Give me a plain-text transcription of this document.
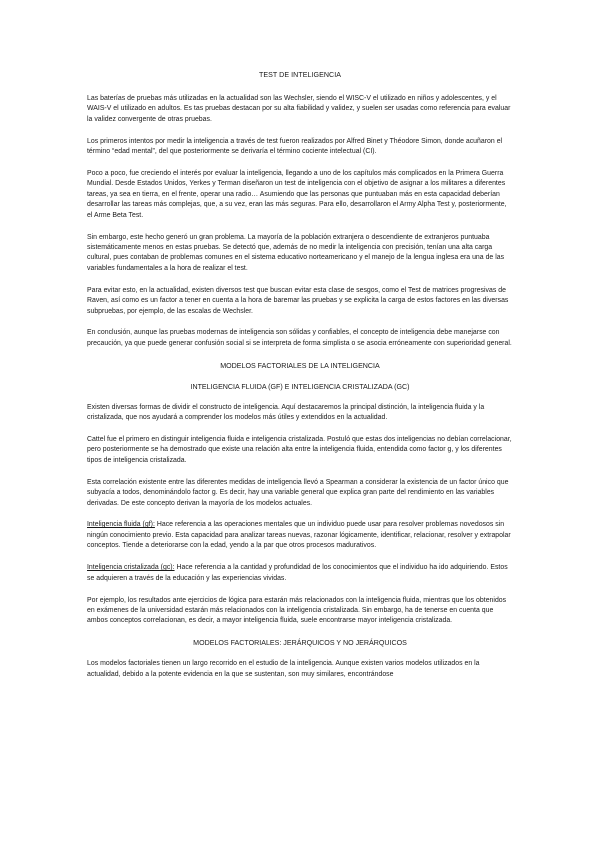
TEST DE INTELIGENCIA

Las baterías de pruebas más utilizadas en la actualidad son las Wechsler, siendo el WISC-V el utilizado en niños y adolescentes, y el WAIS-V el utilizado en adultos. Es tas pruebas destacan por su alta fiabilidad y validez, y suelen ser usadas como referencia para evaluar la validez convergente de otras pruebas.

Los primeros intentos por medir la inteligencia a través de test fueron realizados por Alfred Binet y Théodore Simon, donde acuñaron el término “edad mental”, del que posteriormente se derivaría el término cociente intelectual (CI).

Poco a poco, fue creciendo el interés por evaluar la inteligencia, llegando a uno de los capítulos más complicados en la Primera Guerra Mundial. Desde Estados Unidos, Yerkes y Terman diseñaron un test de inteligencia con el objetivo de asignar a los militares a diferentes tareas, ya sea en tierra, en el frente, operar una radio… Asumiendo que las personas que puntuaban más en esta capacidad deberían desarrollar las tareas más complejas, que, a su vez, eran las más seguras. Para ello, desarrollaron el Army Alpha Test y, posteriormente, el Arme Beta Test.

Sin embargo, este hecho generó un gran problema. La mayoría de la población extranjera o descendiente de extranjeros puntuaba sistemáticamente menos en estas pruebas. Se detectó que, además de no medir la inteligencia con precisión, tenían una alta carga cultural, pues contaban de problemas comunes en el sistema educativo norteamericano y el manejo de la lengua inglesa era una de las variables fundamentales a la hora de realizar el test.

Para evitar esto, en la actualidad, existen diversos test que buscan evitar esta clase de sesgos, como el Test de matrices progresivas de Raven, así como es un factor a tener en cuenta a la hora de baremar las pruebas y se explicita la carga de estos factores en las diversas subpruebas, por ejemplo, de las escalas de Wechsler.

En conclusión, aunque las pruebas modernas de inteligencia son sólidas y confiables, el concepto de inteligencia debe manejarse con precaución, ya que puede generar confusión social si se interpreta de forma simplista o se asocia erróneamente con superioridad general.

MODELOS FACTORIALES DE LA INTELIGENCIA
INTELIGENCIA FLUIDA (GF) E INTELIGENCIA CRISTALIZADA (GC)

Existen diversas formas de dividir el constructo de inteligencia. Aquí destacaremos la principal distinción, la inteligencia fluida y la cristalizada, que nos ayudará a comprender los modelos más útiles y extendidos en la actualidad.

Cattel fue el primero en distinguir inteligencia fluida e inteligencia cristalizada. Postuló que estas dos inteligencias no debían correlacionar, pero posteriormente se ha demostrado que existe una relación alta entre la inteligencia fluida, entendida como factor g, y los diferentes tipos de inteligencia cristalizada.

Esta correlación existente entre las diferentes medidas de inteligencia llevó a Spearman a considerar la existencia de un factor único que subyacía a todos, denominándolo factor g. Es decir, hay una variable general que explica gran parte del rendimiento en las variables derivadas. De este concepto derivan la mayoría de los modelos actuales.

Inteligencia fluida (gf): Hace referencia a las operaciones mentales que un individuo puede usar para resolver problemas novedosos sin ningún conocimiento previo. Esta capacidad para analizar tareas nuevas, razonar lógicamente, identificar, relacionar, resolver y extrapolar conceptos. Tiende a deteriorarse con la edad, yendo a la par que otros procesos madurativos.

Inteligencia cristalizada (gc): Hace referencia a la cantidad y profundidad de los conocimientos que el individuo ha ido adquiriendo. Estos se adquieren a través de la educación y las experiencias vividas.

Por ejemplo, los resultados ante ejercicios de lógica para estarán más relacionados con la inteligencia fluida, mientras que los obtenidos en exámenes de la universidad estarán más relacionados con la inteligencia cristalizada. Sin embargo, ha de tenerse en cuenta que ambos conceptos correlacionan, es decir, a mayor inteligencia fluida, suele encontrarse mayor inteligencia cristalizada.

MODELOS FACTORIALES: JERÁRQUICOS Y NO JERÁRQUICOS

Los modelos factoriales tienen un largo recorrido en el estudio de la inteligencia. Aunque existen varios modelos utilizados en la actualidad, debido a la potente evidencia en la que se sustentan, son muy similares, encontrándose
